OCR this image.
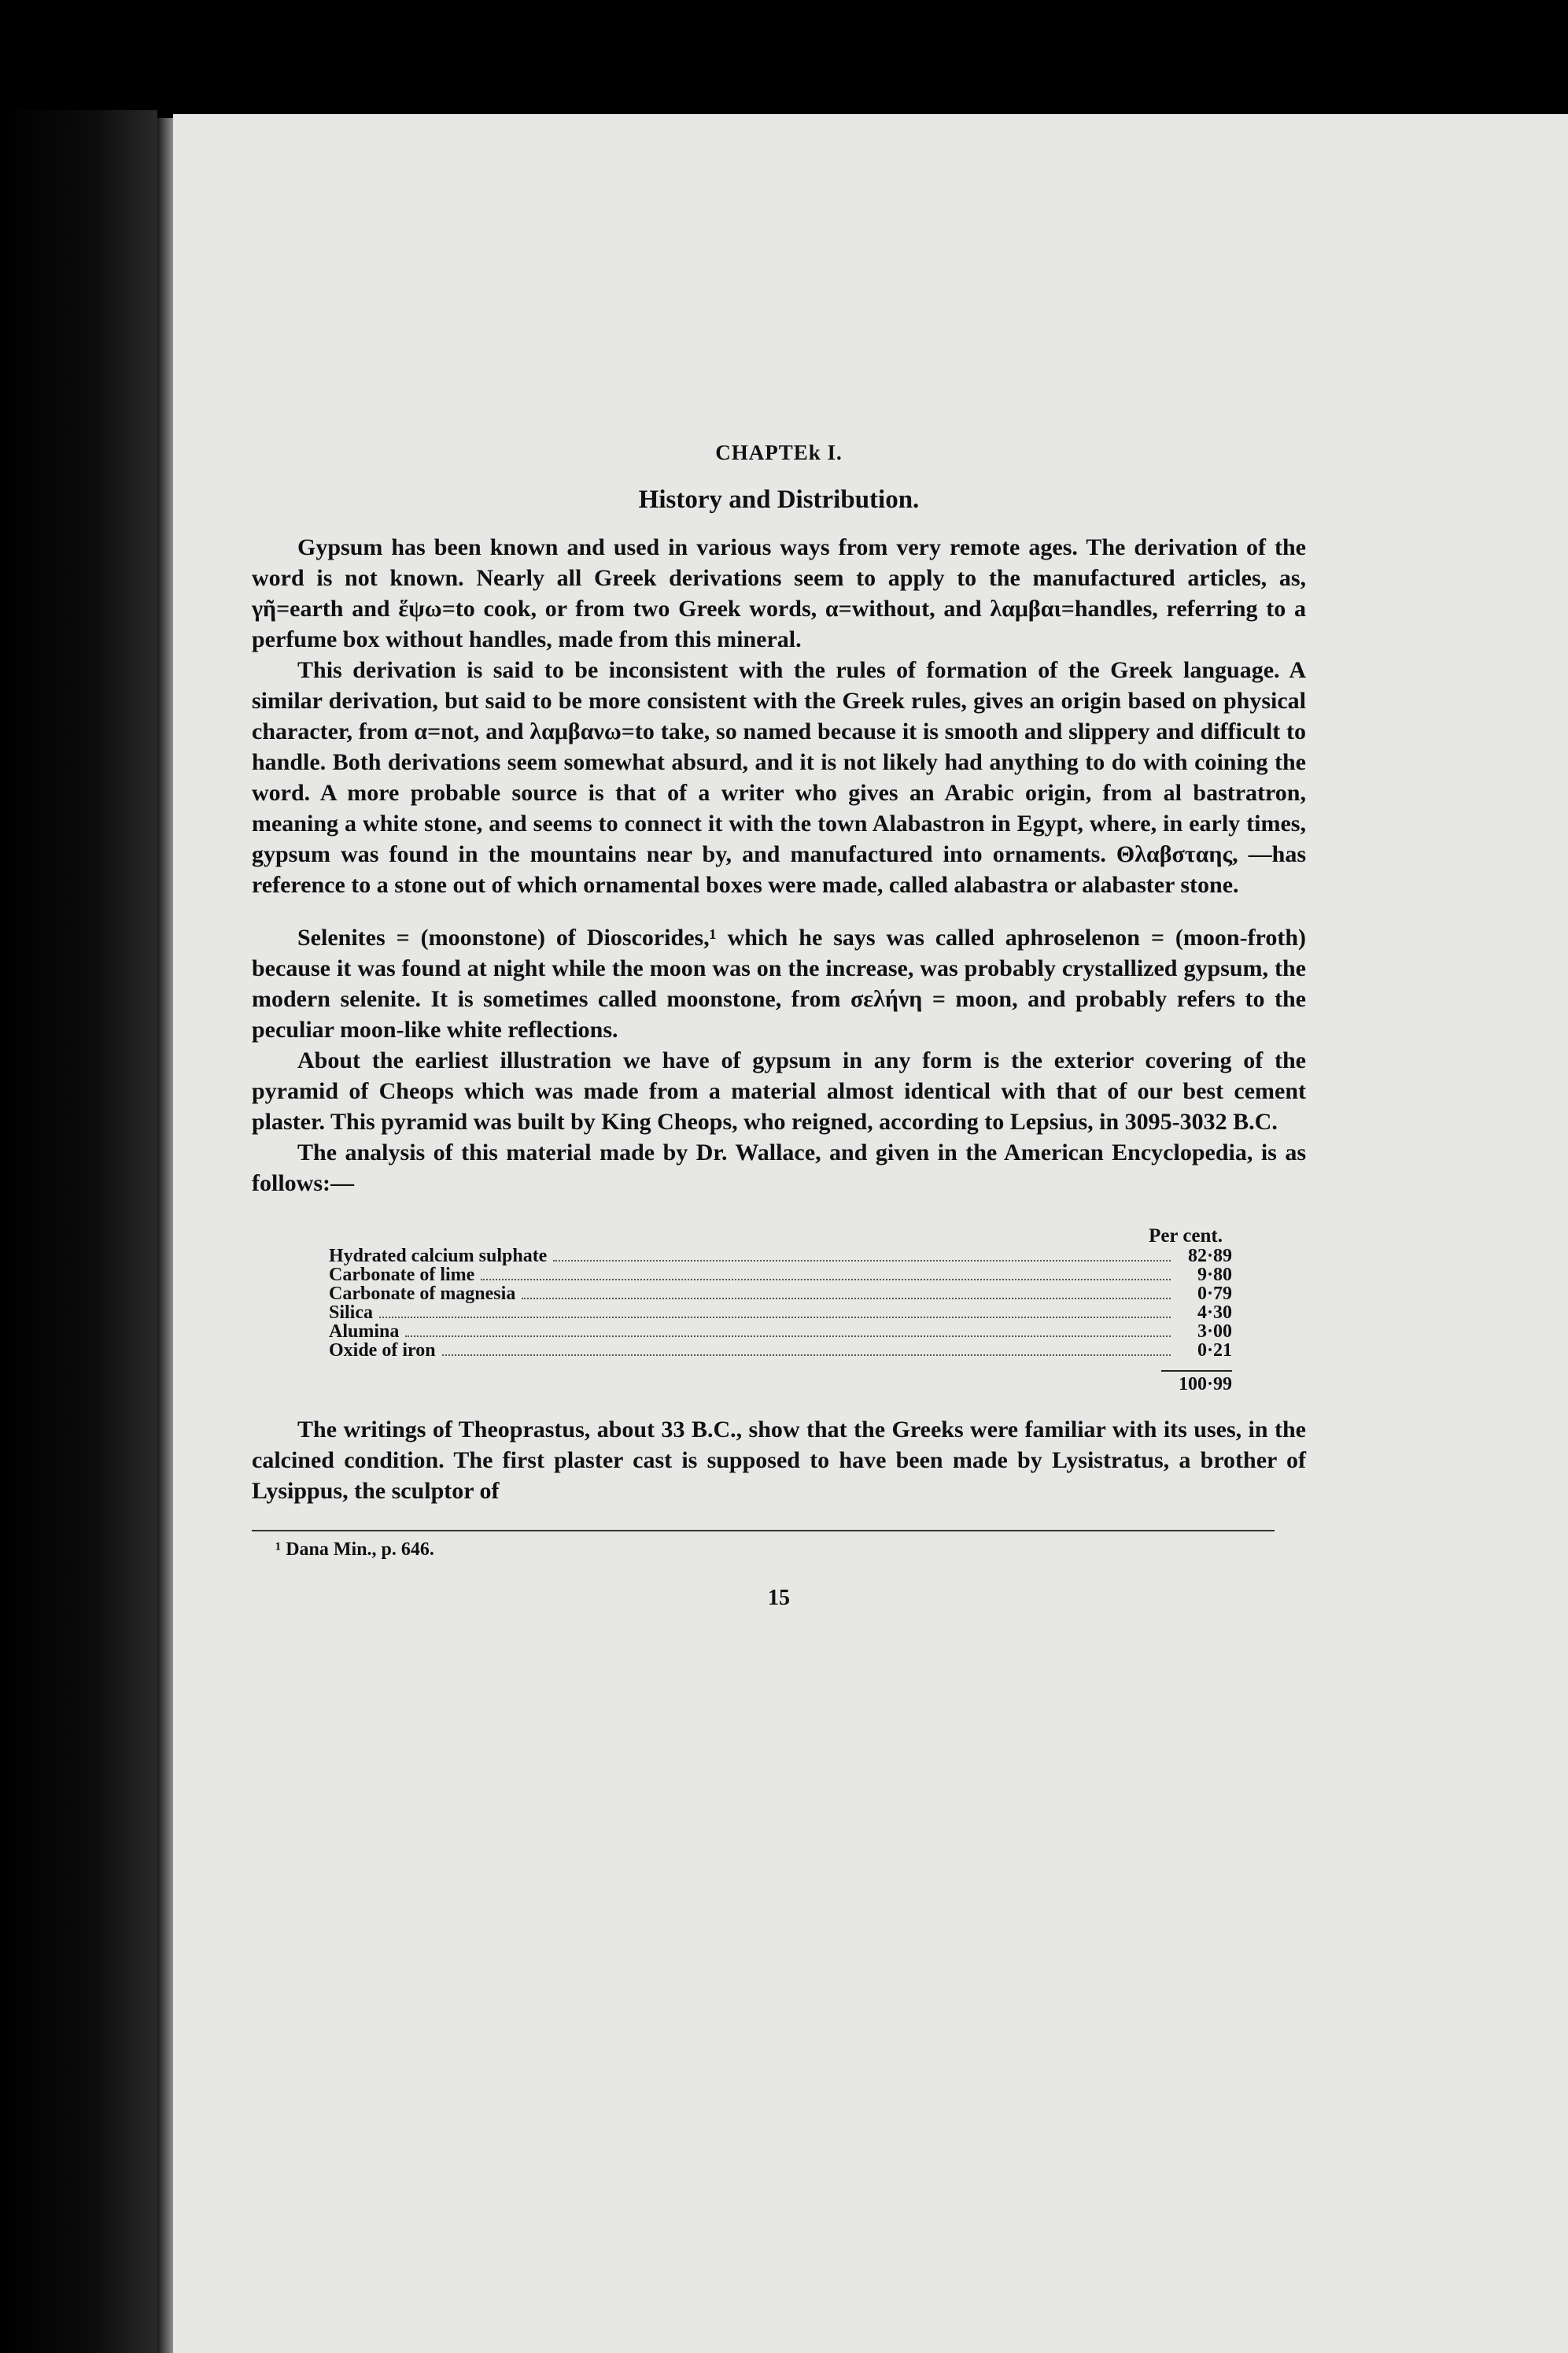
CHAPTEk I.
History and Distribution.

Gypsum has been known and used in various ways from very remote ages. The derivation of the word is not known. Nearly all Greek derivations seem to apply to the manufactured articles, as, γῆ=earth and ἕψω=to cook, or from two Greek words, α=without, and λαμβαι=handles, referring to a perfume box without handles, made from this mineral.

This derivation is said to be inconsistent with the rules of formation of the Greek language. A similar derivation, but said to be more consistent with the Greek rules, gives an origin based on physical character, from α=not, and λαμβανω=to take, so named because it is smooth and slippery and difficult to handle. Both derivations seem somewhat absurd, and it is not likely had anything to do with coining the word. A more probable source is that of a writer who gives an Arabic origin, from al bastratron, meaning a white stone, and seems to connect it with the town Alabastron in Egypt, where, in early times, gypsum was found in the mountains near by, and manufactured into ornaments. Θλαβσταης, —has reference to a stone out of which ornamental boxes were made, called alabastra or alabaster stone.

Selenites = (moonstone) of Dioscorides,¹ which he says was called aphroselenon = (moon-froth) because it was found at night while the moon was on the increase, was probably crystallized gypsum, the modern selenite. It is sometimes called moonstone, from σελήνη = moon, and probably refers to the peculiar moon-like white reflections.

About the earliest illustration we have of gypsum in any form is the exterior covering of the pyramid of Cheops which was made from a material almost identical with that of our best cement plaster. This pyramid was built by King Cheops, who reigned, according to Lepsius, in 3095-3032 B.C.

The analysis of this material made by Dr. Wallace, and given in the American Encyclopedia, is as follows:—

Per cent.
Hydrated calcium sulphate	82·89
Carbonate of lime	9·80
Carbonate of magnesia	0·79
Silica	4·30
Alumina	3·00
Oxide of iron	0·21
100·99

The writings of Theoprastus, about 33 B.C., show that the Greeks were familiar with its uses, in the calcined condition. The first plaster cast is supposed to have been made by Lysistratus, a brother of Lysippus, the sculptor of

¹ Dana Min., p. 646.
15
